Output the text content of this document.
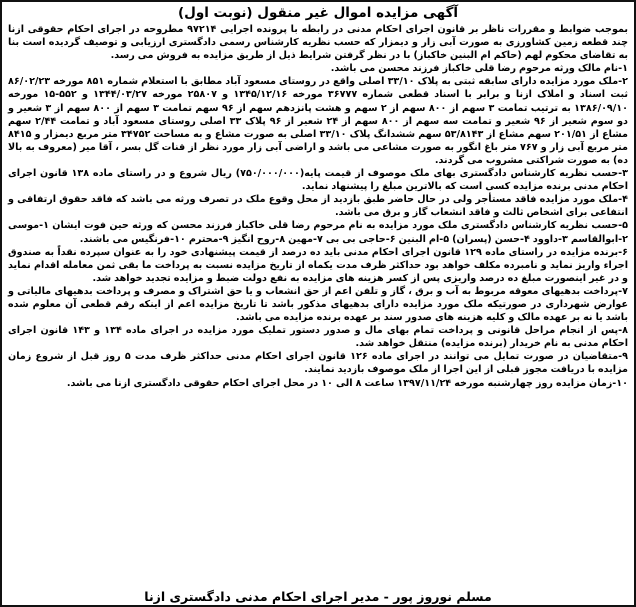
آگهی مزایده اموال غیر منقول (نوبت اول)

بموجب ضوابط و مقررات ناظر بر قانون اجرای احکام مدنی در رابطه با پرونده اجرایی ۹۷۲۱۴ مطروحه در اجرای احکام حقوقی ازنا چند قطعه زمین کشاورزی به صورت آبی زار و دیمزار که حسب نظریه کارشناس رسمی دادگستری ارزیابی و توصیف گردیده است بنا به تقاضای محکوم لهم (حاکم ام البنین خاکباز) با در نظر گرفتن شرایط ذیل از طریق مزایده به فروش می رسد.

۱-نام مالک ورثه مرحوم رضا قلی خاکباز فرزند محسن می باشد.

۲-ملک مورد مزایده دارای سابقه ثبتی به پلاک ۳۳/۱۰ اصلی واقع در روستای مسعود آباد مطابق با استعلام شماره ۸۵۱ مورخه ۸۶/۰۲/۲۳ ثبت اسناد و املاک ازنا و برابر با اسناد قطعی شماره ۳۶۷۷۷ مورخه ۱۳۴۵/۱۲/۱۶ و ۲۵۸۰۷ مورخه ۱۳۴۴/۰۳/۲۷ و ۵۵۲-۱۵ مورخه ۱۳۸۶/۰۹/۱۰ به ترتیب تمامت ۳ سهم از ۸۰۰ سهم از ۲ سهم و هشت پانزدهم سهم از ۹۶ سهم تمامت ۳ سهم از ۸۰۰ سهم از ۳ شعیر و دو سوم شعیر از ۹۶ شعیر و تمامت سه سهم از ۸۰۰ سهم از ۲۴ شعیر از ۹۶ پلاک ۳۳ اصلی روستای مسعود آباد و تمامت ۲/۴۴ سهم مشاع از ۲۰۱/۵۱ سهم مشاع از ۵۳/۸۱۴۳ سهم ششدانگ پلاک ۳۳/۱۰ اصلی به صورت مشاع و به مساحت ۳۴۷۵۲ متر مربع دیمزار و ۸۴۱۵ متر مربع آبی زار و ۷۶۷ متر باغ انگور به صورت مشاعی می باشد و اراضی آبی زار مورد نظر از قنات گل بسر ، آقا میر (معروف به بالا ده) به صورت شراکتی مشروب می گردند.

۳-حسب نظریه کارشناس دادگستری بهای ملک موصوف از قیمت پایه(۷۵۰/۰۰۰/۰۰۰) ریال شروع و در راستای ماده ۱۳۸ قانون اجرای احکام مدنی برنده مزایده کسی است که بالاترین مبلغ را پیشنهاد نماید.

۴-ملک مورد مزایده فاقد مستأجر ولی در حال حاضر طبق بازدید از محل وقوع ملک در تصرف ورثه می باشد که فاقد حقوق ارتفاقی و انتفاعی برای اشخاص ثالث و فاقد انشعاب گاز و برق می باشد.

۵-حسب نظریه کارشناس دادگستری ملک مورد مزایده به نام مرحوم رضا قلی خاکباز فرزند محسن که ورثه حین فوت ایشان ۱-موسی ۲-ابوالقاسم ۳-داوود ۴-حسن (پسران) ۵-ام البنین ۶-حاجی بی بی ۷-مهین ۸-روح انگیز ۹-محترم ۱۰-فرنگیس می باشند.

۶-برنده مزایده در راستای ماده ۱۲۹ قانون اجرای احکام مدنی باید ده درصد از قیمت پیشنهادی خود را به عنوان سپرده نقداً به صندوق اجراء واریز نماید و نامبرده مکلف خواهد بود حداکثر ظرف مدت یکماه از تاریخ مزایده نسبت به پرداخت ما بقی ثمن معامله اقدام نماید و در غیر اینصورت مبلغ ده درصد واریزی پس از کسر هزینه های مزایده به نفع دولت ضبط و مزایده تجدید خواهد شد.

۷-پرداخت بدهیهای معوقه مربوط به آب و برق ، گاز و تلفن اعم از حق انشعاب و یا حق اشتراک و مصرف و پرداخت بدهیهای مالیاتی و عوارض شهرداری در صورتیکه ملک مورد مزایده دارای بدهیهای مذکور باشد تا تاریخ مزایده اعم از اینکه رقم قطعی آن معلوم شده باشد یا نه بر عهده مالک و کلیه هزینه های صدور سند بر عهده برنده مزایده می باشد.

۸-پس از انجام مراحل قانونی و پرداخت تمام بهای مال و صدور دستور تملیک مورد مزایده در اجرای ماده ۱۳۴ و ۱۴۳ قانون اجرای احکام مدنی به نام خریدار (برنده مزایده) منتقل خواهد شد.

۹-متقاضیان در صورت تمایل می توانند در اجرای ماده ۱۲۶ قانون اجرای احکام مدنی حداکثر ظرف مدت ۵ روز قبل از شروع زمان مزایده با دریافت مجوز قبلی از این اجرا از ملک موصوف بازدید نمایند.

۱۰-زمان مزایده روز چهارشنبه مورخه ۱۳۹۷/۱۱/۲۴ ساعت ۸ الی ۱۰ در محل اجرای احکام حقوقی دادگستری ازنا می باشد.

مسلم نوروز پور - مدیر اجرای احکام مدنی دادگستری ازنا
